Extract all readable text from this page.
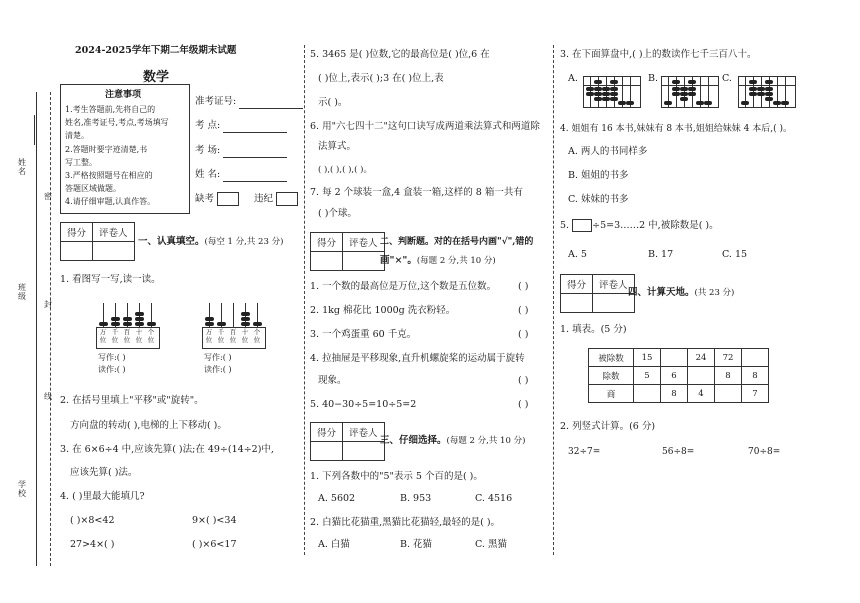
姓名
班级
学校
密
封
线
2024-2025学年下期二年级期末试题
数学
注意事项
1.考生答题前,先将自己的
姓名,准考证号,考点,考场填写
清楚。
2.答题时要字迹清楚,书
写工整。
3.严格按照题号在相应的
答题区域做题。
4.请仔细审题,认真作答。
准考证号:
考 点:
考 场:
姓 名:
缺考	违纪
得分	评卷人

一、认真填空。(每空 1 分,共 23 分)
1. 看图写一写,读一读。
万位
千位
百位
十位
个位
写作:( )
读作:( )
万位
千位
百位
十位
个位
写作:( )
读作:( )
2. 在括号里填上"平移"或"旋转"。
方向盘的转动( ),电梯的上下移动( )。
3. 在 6×6÷4 中,应该先算( )法;在 49÷(14÷2)中,
应该先算( )法。
4. ( )里最大能填几?
( )×8<42	9×( )<34
27>4×( )	( )×6<17
5. 3465 是( )位数,它的最高位是( )位,6 在
( )位上,表示( );3 在( )位上,表
示( )。
6. 用"六七四十二"这句口诀写成两道乘法算式和两道除
法算式。
( ),( ),( ),( )。
7. 每 2 个球装一盒,4 盒装一箱,这样的 8 箱一共有
( )个球。
得分	评卷人
	二、判断题。对的在括号内画"√",错的
画"×"。(每题 2 分,共 10 分)
1. 一个数的最高位是万位,这个数是五位数。 ( )
2. 1kg 棉花比 1000g 洗衣粉轻。	( )
3. 一个鸡蛋重 60 千克。	( )
4. 拉抽屉是平移现象,直升机螺旋桨的运动属于旋转
现象。	( )
5. 40−30÷5=10÷5=2	( )
得分	评卷人

三、仔细选择。(每题 2 分,共 10 分)
1. 下列各数中的"5"表示 5 个百的是( )。
A. 5602	B. 953	C. 4516
2. 白猫比花猫重,黑猫比花猫轻,最轻的是( )。
A. 白猫	B. 花猫	C. 黑猫
3. 在下面算盘中,( )上的数读作七千三百八十。
A.	B.	C.
4. 姐姐有 16 本书,妹妹有 8 本书,姐姐给妹妹 4 本后,( )。
A. 两人的书同样多
B. 姐姐的书多
C. 妹妹的书多
5. ÷5=3……2 中,被除数是( )。
A. 5	B. 17	C. 15
得分	评卷人

四、计算天地。(共 23 分)
1. 填表。(5 分)
被除数	15		24	72	
除数	5	6		8	8
商		8	4		7
2. 列竖式计算。(6 分)
32÷7=	56÷8=	70÷8=
